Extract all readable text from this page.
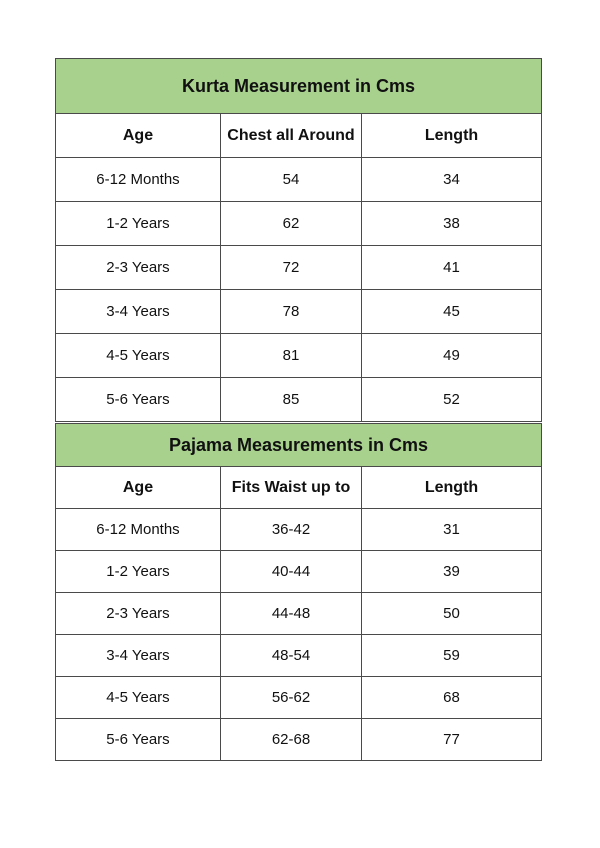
Kurta Measurement in Cms		
Age	Chest all Around	Length
6-12 Months	54	34
1-2 Years	62	38
2-3 Years	72	41
3-4 Years	78	45
4-5 Years	81	49
5-6 Years	85	52
Pajama Measurements in Cms		
Age	Fits Waist up to	Length
6-12 Months	36-42	31
1-2 Years	40-44	39
2-3 Years	44-48	50
3-4 Years	48-54	59
4-5 Years	56-62	68
5-6 Years	62-68	77
